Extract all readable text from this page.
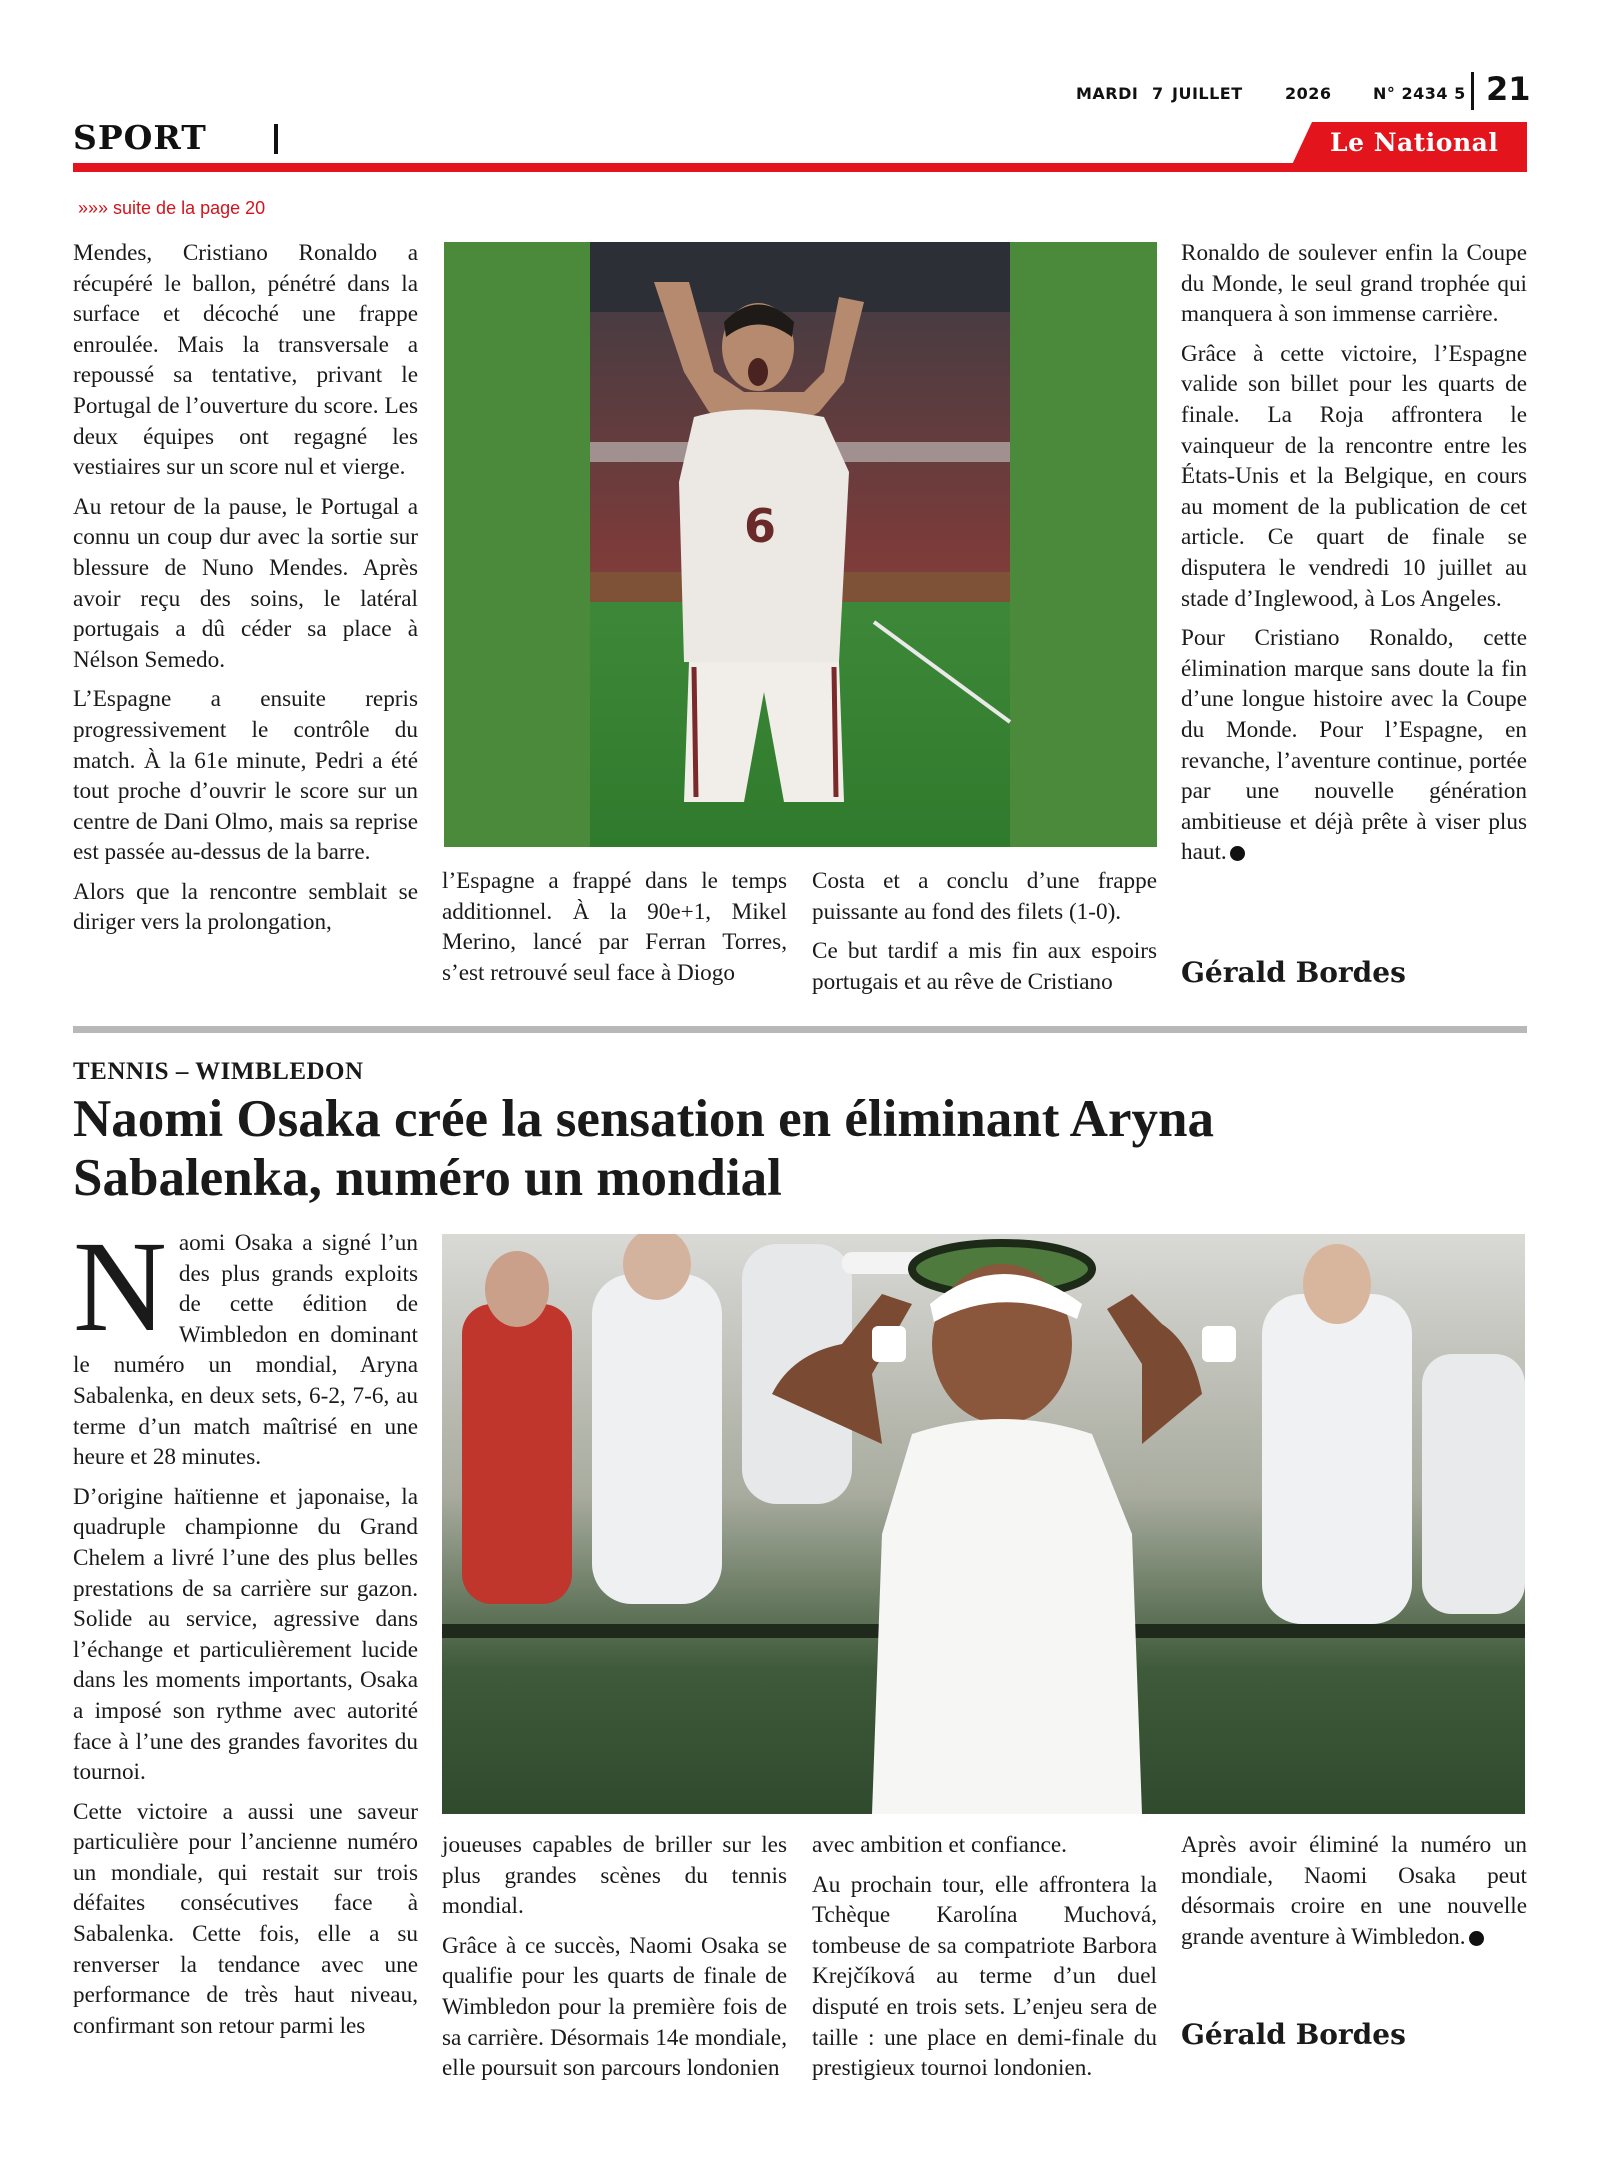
MARDI 7 JUILLET	2026	N° 2434 5 21
SPORT	Le National
»»» suite de la page 20

Mendes, Cristiano Ronaldo a récupéré le ballon, pénétré dans la surface et décoché une frappe enroulée. Mais la transversale a repoussé sa tentative, privant le Portugal de l’ouverture du score. Les deux équipes ont regagné les vestiaires sur un score nul et vierge.

Au retour de la pause, le Portugal a connu un coup dur avec la sortie sur blessure de Nuno Mendes. Après avoir reçu des soins, le latéral portugais a dû céder sa place à Nélson Semedo.

L’Espagne a ensuite repris progressivement le contrôle du match. À la 61e minute, Pedri a été tout proche d’ouvrir le score sur un centre de Dani Olmo, mais sa reprise est passée au-dessus de la barre.

Alors que la rencontre semblait se diriger vers la prolongation,

6

l’Espagne a frappé dans le temps additionnel. À la 90e+1, Mikel Merino, lancé par Ferran Torres, s’est retrouvé seul face à Diogo

Costa et a conclu d’une frappe puissante au fond des filets (1-0).

Ce but tardif a mis fin aux espoirs portugais et au rêve de Cristiano

Ronaldo de soulever enfin la Coupe du Monde, le seul grand trophée qui manquera à son immense carrière.

Grâce à cette victoire, l’Espagne valide son billet pour les quarts de finale. La Roja affrontera le vainqueur de la rencontre entre les États-Unis et la Belgique, en cours au moment de la publication de cet article. Ce quart de finale se disputera le vendredi 10 juillet au stade d’Inglewood, à Los Angeles.

Pour Cristiano Ronaldo, cette élimination marque sans doute la fin d’une longue histoire avec la Coupe du Monde. Pour l’Espagne, en revanche, l’aventure continue, portée par une nouvelle génération ambitieuse et déjà prête à viser plus haut.

Gérald Bordes
TENNIS – WIMBLEDON
Naomi Osaka crée la sensation en éliminant Aryna Sabalenka, numéro un mondial

Naomi Osaka a signé l’un des plus grands exploits de cette édition de Wimbledon en dominant le numéro un mondial, Aryna Sabalenka, en deux sets, 6-2, 7-6, au terme d’un match maîtrisé en une heure et 28 minutes.

D’origine haïtienne et japonaise, la quadruple championne du Grand Chelem a livré l’une des plus belles prestations de sa carrière sur gazon. Solide au service, agressive dans l’échange et particulièrement lucide dans les moments importants, Osaka a imposé son rythme avec autorité face à l’une des grandes favorites du tournoi.

Cette victoire a aussi une saveur particulière pour l’ancienne numéro un mondiale, qui restait sur trois défaites consécutives face à Sabalenka. Cette fois, elle a su renverser la tendance avec une performance de très haut niveau, confirmant son retour parmi les

joueuses capables de briller sur les plus grandes scènes du tennis mondial.

Grâce à ce succès, Naomi Osaka se qualifie pour les quarts de finale de Wimbledon pour la première fois de sa carrière. Désormais 14e mondiale, elle poursuit son parcours londonien

avec ambition et confiance.

Au prochain tour, elle affrontera la Tchèque Karolína Muchová, tombeuse de sa compatriote Barbora Krejčíková au terme d’un duel disputé en trois sets. L’enjeu sera de taille : une place en demi-finale du prestigieux tournoi londonien.

Après avoir éliminé la numéro un mondiale, Naomi Osaka peut désormais croire en une nouvelle grande aventure à Wimbledon.

Gérald Bordes
